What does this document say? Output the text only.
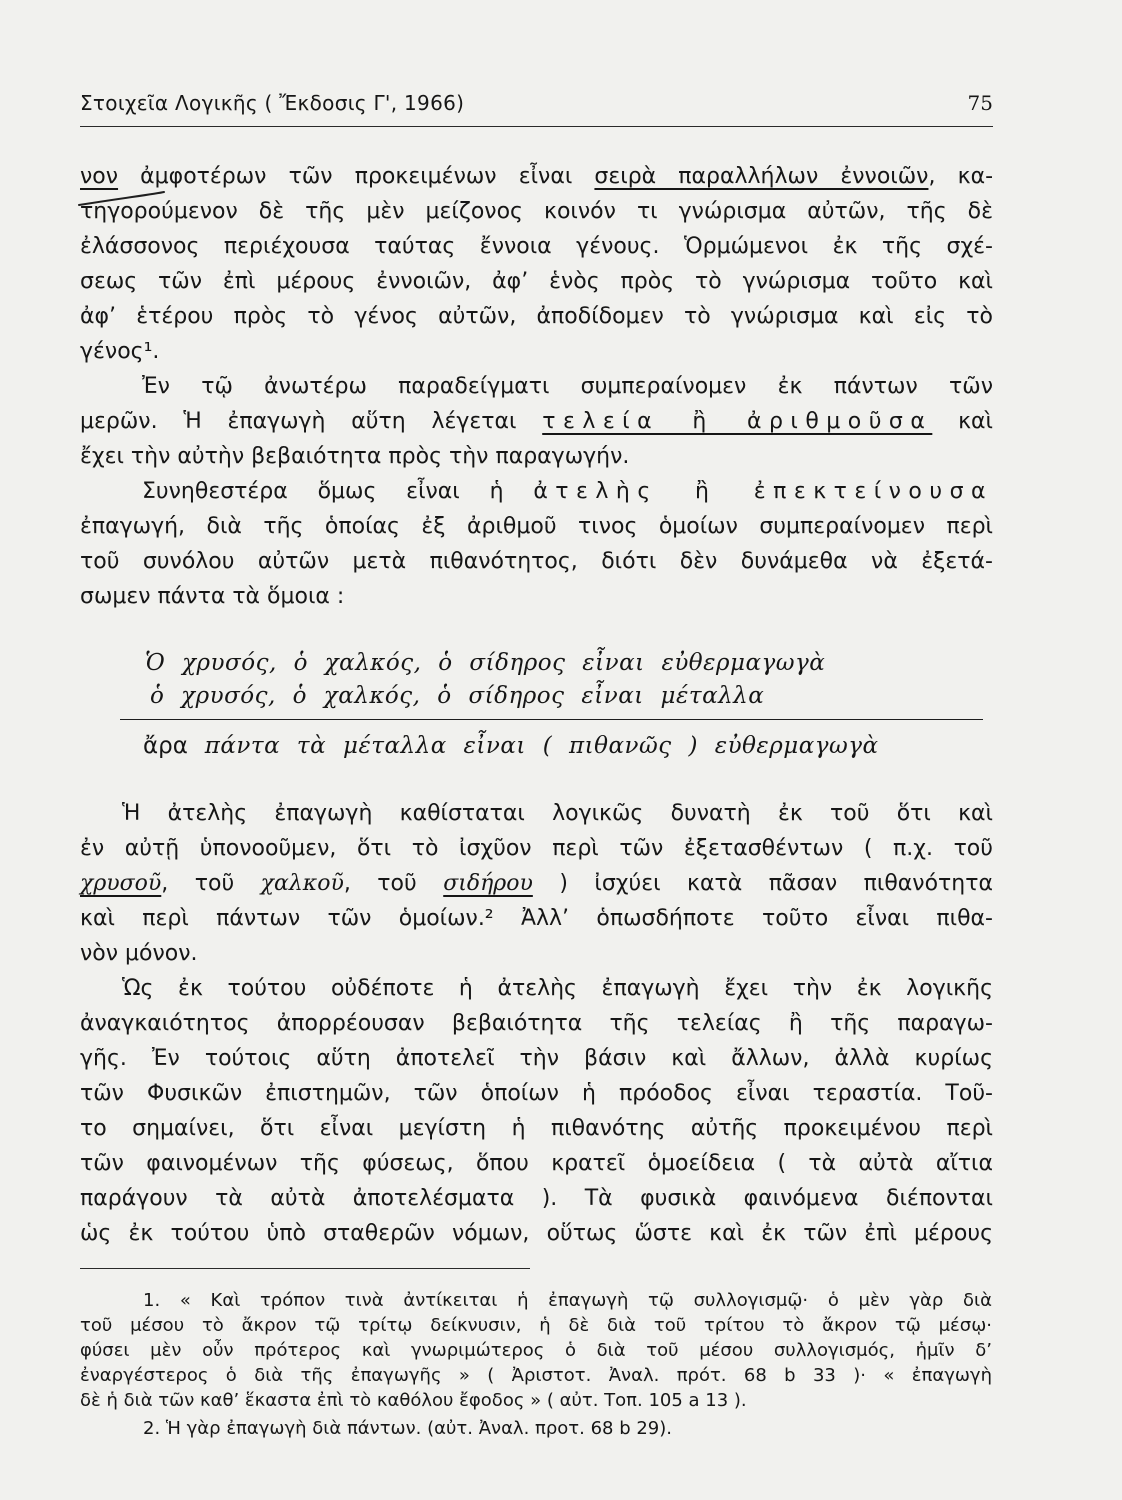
Στοιχεῖα Λογικῆς ( Ἔκδοσις Γ', 1966)	75
νον ἀμφοτέρων τῶν προκειμένων εἶναι σειρὰ παραλλήλων ἐννοιῶν, κα-
τηγορούμενον δὲ τῆς μὲν μείζονος κοινόν τι γνώρισμα αὐτῶν, τῆς δὲ
ἐλάσσονος περιέχουσα ταύτας ἔννοια γένους. Ὁρμώμενοι ἐκ τῆς σχέ-
σεως τῶν ἐπὶ μέρους ἐννοιῶν, ἀφ’ ἑνὸς πρὸς τὸ γνώρισμα τοῦτο καὶ
ἀφ’ ἑτέρου πρὸς τὸ γένος αὐτῶν, ἀποδίδομεν τὸ γνώρισμα καὶ εἰς τὸ
γένος¹.
Ἐν τῷ ἀνωτέρω παραδείγματι συμπεραίνομεν ἐκ πάντων τῶν
μερῶν. Ἡ ἐπαγωγὴ αὕτη λέγεται τελεία ἢ ἀριθμοῦσα καὶ
ἔχει τὴν αὐτὴν βεβαιότητα πρὸς τὴν παραγωγήν.
Συνηθεστέρα ὅμως εἶναι ἡ ἀτελὴς ἢ ἐπεκτείνουσα
ἐπαγωγή, διὰ τῆς ὁποίας ἐξ ἀριθμοῦ τινος ὁμοίων συμπεραίνομεν περὶ
τοῦ συνόλου αὐτῶν μετὰ πιθανότητος, διότι δὲν δυνάμεθα νὰ ἐξετά-
σωμεν πάντα τὰ ὅμοια :
Ὁ χρυσός, ὁ χαλκός, ὁ σίδηρος εἶναι εὐθερμαγωγὰ
ὁ χρυσός, ὁ χαλκός, ὁ σίδηρος εἶναι μέταλλα
ἄρα πάντα τὰ μέταλλα εἶναι ( πιθανῶς ) εὐθερμαγωγὰ
Ἡ ἀτελὴς ἐπαγωγὴ καθίσταται λογικῶς δυνατὴ ἐκ τοῦ ὅτι καὶ
ἐν αὐτῇ ὑπονοοῦμεν, ὅτι τὸ ἰσχῦον περὶ τῶν ἐξετασθέντων ( π.χ. τοῦ
χρυσοῦ, τοῦ χαλκοῦ, τοῦ σιδήρου ) ἰσχύει κατὰ πᾶσαν πιθανότητα
καὶ περὶ πάντων τῶν ὁμοίων.² Ἀλλ’ ὁπωσδήποτε τοῦτο εἶναι πιθα-
νὸν μόνον.
Ὡς ἐκ τούτου οὐδέποτε ἡ ἀτελὴς ἐπαγωγὴ ἔχει τὴν ἐκ λογικῆς
ἀναγκαιότητος ἀπορρέουσαν βεβαιότητα τῆς τελείας ἢ τῆς παραγω-
γῆς. Ἐν τούτοις αὕτη ἀποτελεῖ τὴν βάσιν καὶ ἄλλων, ἀλλὰ κυρίως
τῶν Φυσικῶν ἐπιστημῶν, τῶν ὁποίων ἡ πρόοδος εἶναι τεραστία. Τοῦ-
το σημαίνει, ὅτι εἶναι μεγίστη ἡ πιθανότης αὐτῆς προκειμένου περὶ
τῶν φαινομένων τῆς φύσεως, ὅπου κρατεῖ ὁμοείδεια ( τὰ αὐτὰ αἴτια
παράγουν τὰ αὐτὰ ἀποτελέσματα ). Τὰ φυσικὰ φαινόμενα διέπονται
ὡς ἐκ τούτου ὑπὸ σταθερῶν νόμων, οὕτως ὥστε καὶ ἐκ τῶν ἐπὶ μέρους
1. « Καὶ τρόπον τινὰ ἀντίκειται ἡ ἐπαγωγὴ τῷ συλλογισμῷ· ὁ μὲν γὰρ διὰ
τοῦ μέσου τὸ ἄκρον τῷ τρίτῳ δείκνυσιν, ἡ δὲ διὰ τοῦ τρίτου τὸ ἄκρον τῷ μέσῳ·
φύσει μὲν οὖν πρότερος καὶ γνωριμώτερος ὁ διὰ τοῦ μέσου συλλογισμός, ἡμῖν δ’
ἐναργέστερος ὁ διὰ τῆς ἐπαγωγῆς » ( Ἀριστοτ. Ἀναλ. πρότ. 68 b 33 )· « ἐπαγωγὴ
δὲ ἡ διὰ τῶν καθ’ ἕκαστα ἐπὶ τὸ καθόλου ἔφοδος » ( αὐτ. Τοπ. 105 a 13 ).
2. Ἡ γὰρ ἐπαγωγὴ διὰ πάντων. (αὐτ. Ἀναλ. προτ. 68 b 29).
